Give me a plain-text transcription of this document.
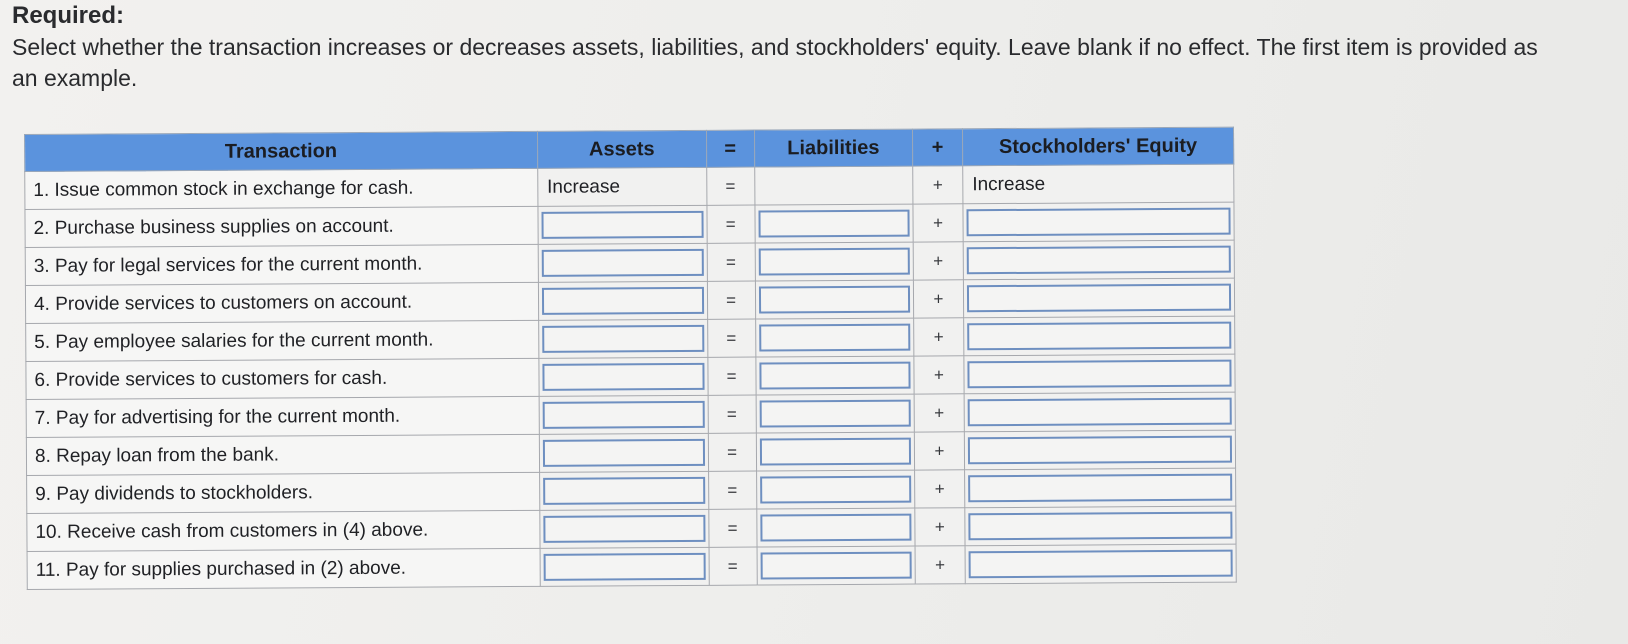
Required:
Select whether the transaction increases or decreases assets, liabilities, and stockholders' equity. Leave blank if no effect. The first item is provided as an example.
Transaction	Assets	=	Liabilities	+	Stockholders' Equity
1. Issue common stock in exchange for cash.	Increase	=		+	Increase

2. Purchase business supplies on account.		=		+	

3. Pay for legal services for the current month.		=		+	

4. Provide services to customers on account.		=		+	

5. Pay employee salaries for the current month.		=		+	

6. Provide services to customers for cash.		=		+	

7. Pay for advertising for the current month.		=		+	

8. Repay loan from the bank.		=		+	

9. Pay dividends to stockholders.		=		+	

10. Receive cash from customers in (4) above.		=		+	

11. Pay for supplies purchased in (2) above.		=		+	
